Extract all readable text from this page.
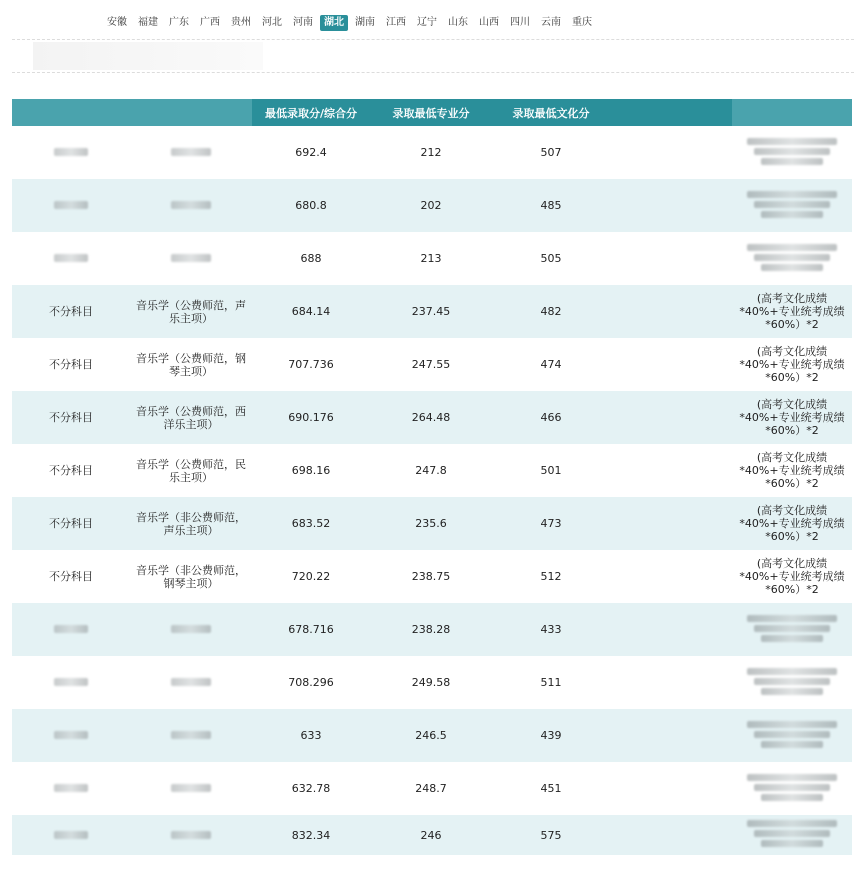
安徽	福建	广东	广西	贵州	河北	河南	湖北	湖南	江西	辽宁	山东	山西	四川	云南	重庆
		最低录取分/综合分	录取最低专业分	录取最低文化分		
		692.4	212	507		

		680.8	202	485		

		688	213	505		

不分科目	音乐学（公费师范，声乐主项）	684.14	237.45	482		(高考文化成绩*40%+专业统考成绩*60%）*2
不分科目	音乐学（公费师范，钢琴主项）	707.736	247.55	474		(高考文化成绩*40%+专业统考成绩*60%）*2
不分科目	音乐学（公费师范，西洋乐主项）	690.176	264.48	466		(高考文化成绩*40%+专业统考成绩*60%）*2
不分科目	音乐学（公费师范，民乐主项）	698.16	247.8	501		(高考文化成绩*40%+专业统考成绩*60%）*2
不分科目	音乐学（非公费师范，声乐主项）	683.52	235.6	473		(高考文化成绩*40%+专业统考成绩*60%）*2
不分科目	音乐学（非公费师范，钢琴主项）	720.22	238.75	512		(高考文化成绩*40%+专业统考成绩*60%）*2
		678.716	238.28	433		

		708.296	249.58	511		

		633	246.5	439		

		632.78	248.7	451		

		832.34	246	575		
